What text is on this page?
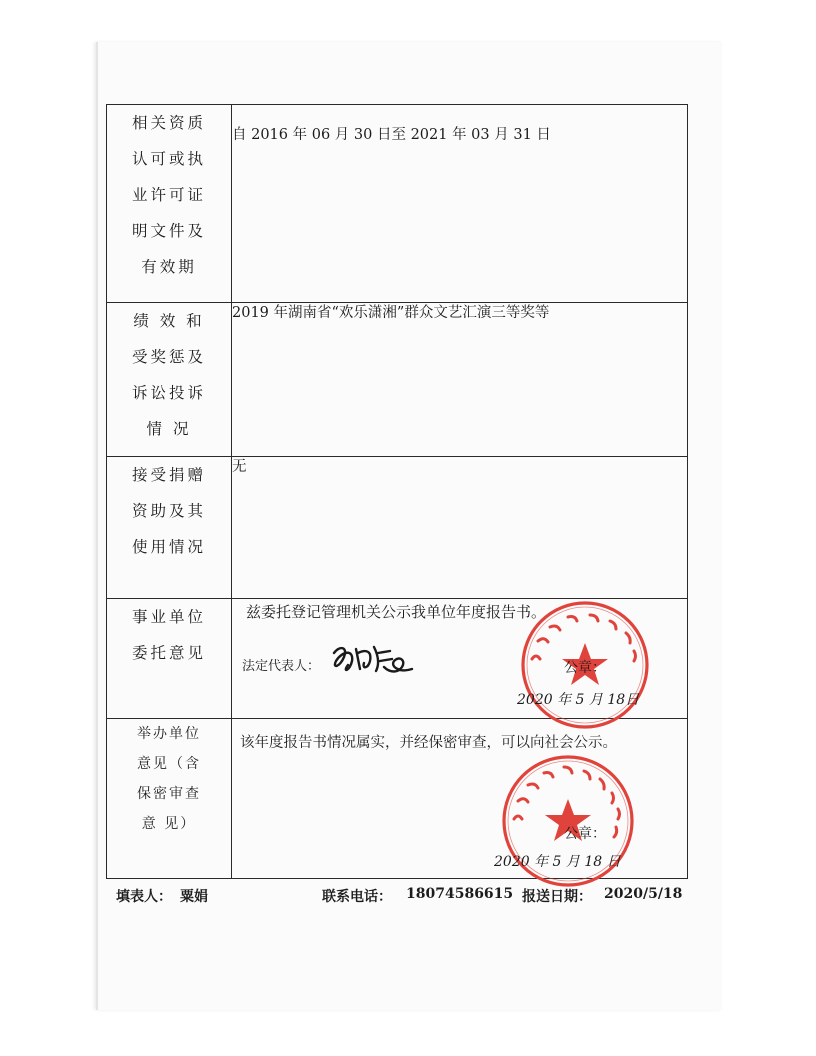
相关资质
认可或执
业许可证
明文件及
有效期	自 2016 年 06 月 30 日至 2021 年 03 月 31 日

绩 效 和
受奖惩及
诉讼投诉
情 况	2019 年湖南省“欢乐潇湘”群众文艺汇演三等奖等

接受捐赠
资助及其
使用情况	无

事业单位
委托意见	兹委托登记管理机关公示我单位年度报告书。
法定代表人： 公章：
2020 年 5 月 18日

举办单位
意见（含
保密审查
意 见）	该年度报告书情况属实，并经保密审查，可以向社会公示。
公章：
2020 年 5 月 18 日
填表人： 粟娟	联系电话： 18074586615 报送日期： 2020/5/18
